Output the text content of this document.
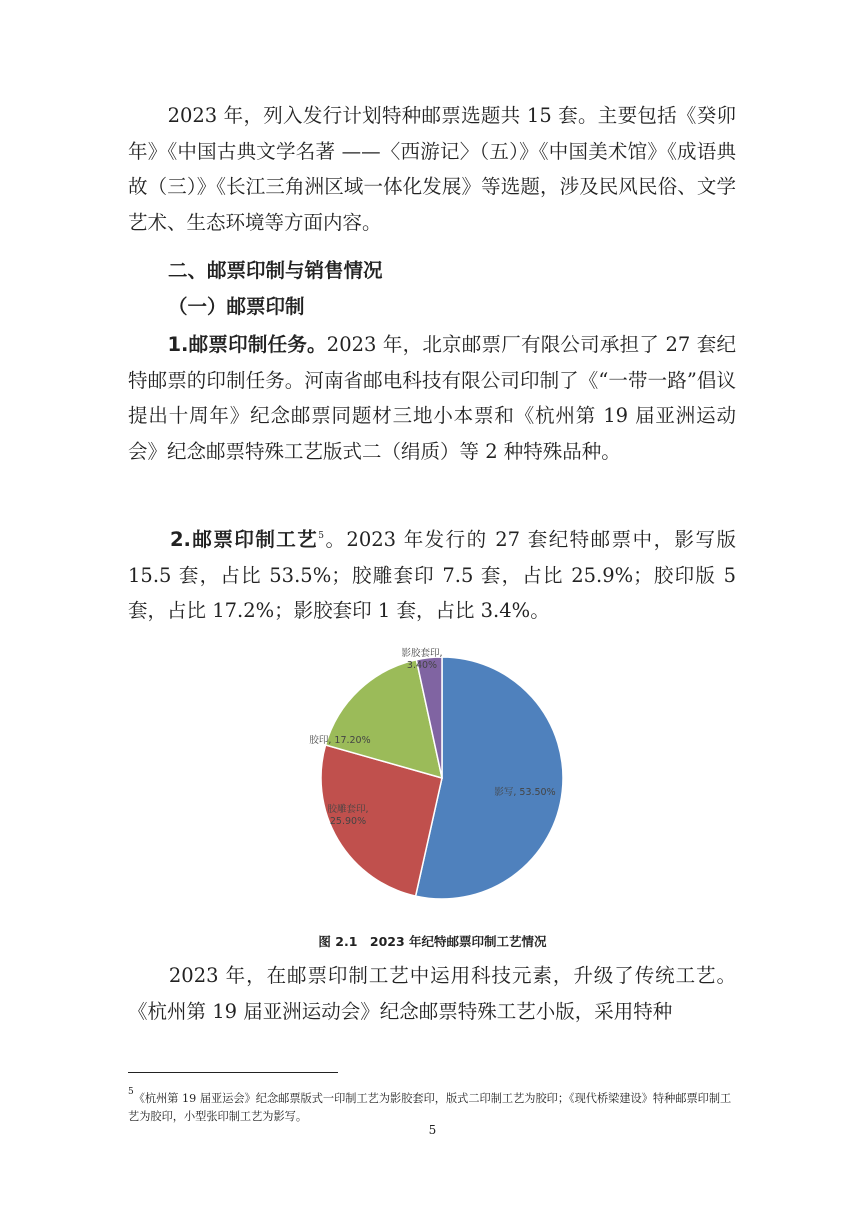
　　2023 年，列入发行计划特种邮票选题共 15 套。主要包括《癸卯年》《中国古典文学名著 ——〈西游记〉（五）》《中国美术馆》《成语典故（三）》《长江三角洲区域一体化发展》等选题，涉及民风民俗、文学艺术、生态环境等方面内容。

二、邮票印制与销售情况

（一）邮票印制

　　1.邮票印制任务。2023 年，北京邮票厂有限公司承担了 27 套纪特邮票的印制任务。河南省邮电科技有限公司印制了《“一带一路”倡议提出十周年》纪念邮票同题材三地小本票和《杭州第 19 届亚洲运动会》纪念邮票特殊工艺版式二（绢质）等 2 种特殊品种。

　　2.邮票印制工艺$^5$。2023 年发行的 27 套纪特邮票中，影写版 15.5 套，占比 53.5%；胶雕套印 7.5 套，占比 25.9%；胶印版 5 套，占比 17.2%；影胶套印 1 套，占比 3.4%。

影写, 53.50%
胶雕套印, 25.90%
胶印, 17.20%
影胶套印, 3.40%
图 2.1　2023 年纪特邮票印制工艺情况

　　2023 年，在邮票印制工艺中运用科技元素，升级了传统工艺。《杭州第 19 届亚洲运动会》纪念邮票特殊工艺小版，采用特种

$^5$《杭州第 19 届亚运会》纪念邮票版式一印制工艺为影胶套印，版式二印制工艺为胶印；《现代桥梁建设》特种邮票印制工艺为胶印，小型张印制工艺为影写。

5
